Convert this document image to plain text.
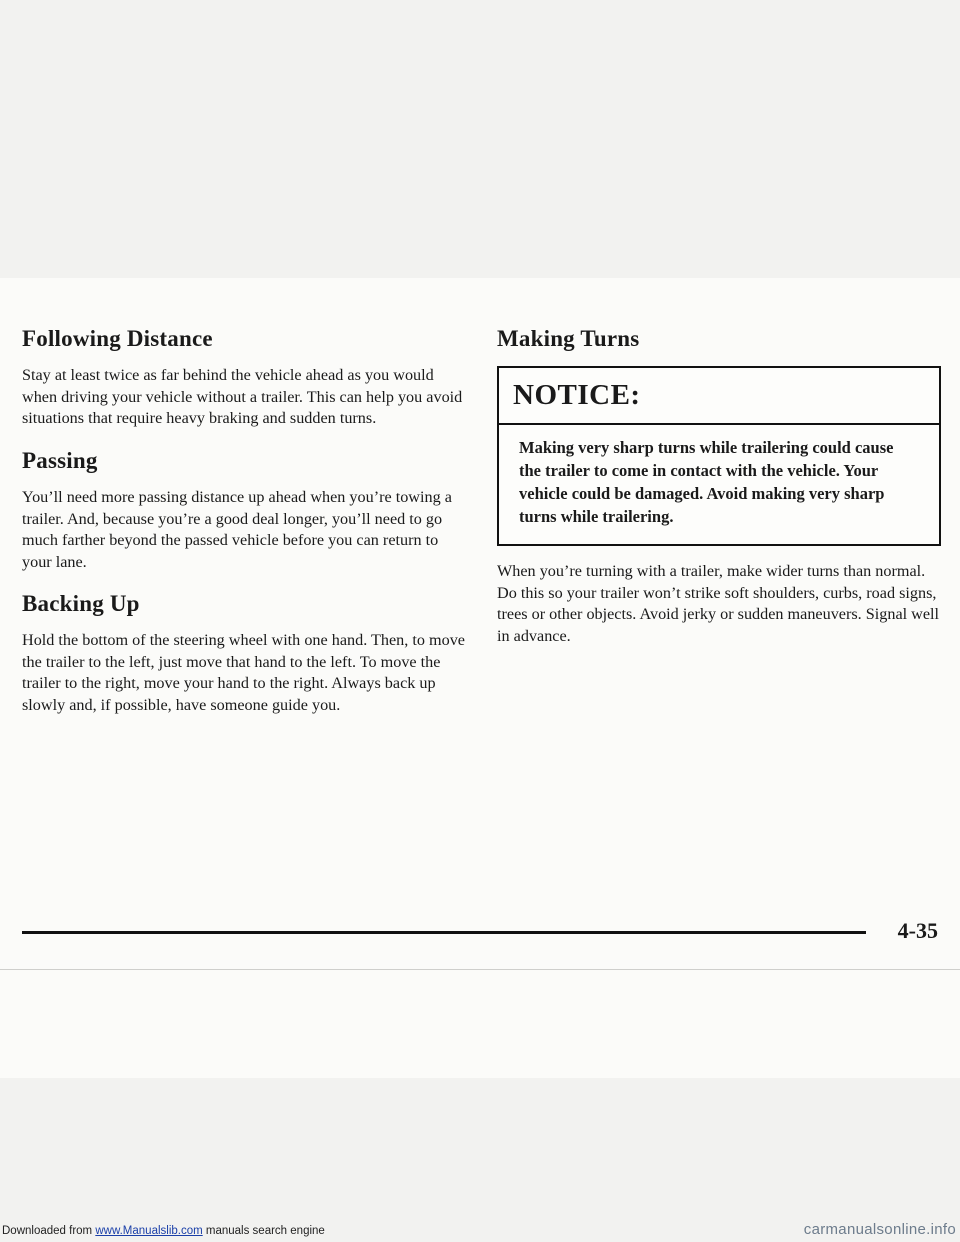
Following Distance

Stay at least twice as far behind the vehicle ahead as you would when driving your vehicle without a trailer. This can help you avoid situations that require heavy braking and sudden turns.

Passing

You’ll need more passing distance up ahead when you’re towing a trailer. And, because you’re a good deal longer, you’ll need to go much farther beyond the passed vehicle before you can return to your lane.

Backing Up

Hold the bottom of the steering wheel with one hand. Then, to move the trailer to the left, just move that hand to the left. To move the trailer to the right, move your hand to the right. Always back up slowly and, if possible, have someone guide you.

Making Turns
NOTICE:
Making very sharp turns while trailering could cause the trailer to come in contact with the vehicle. Your vehicle could be damaged. Avoid making very sharp turns while trailering.

When you’re turning with a trailer, make wider turns than normal. Do this so your trailer won’t strike soft shoulders, curbs, road signs, trees or other objects. Avoid jerky or sudden maneuvers. Signal well in advance.

4-35
Downloaded from www.Manualslib.com manuals search engine	carmanualsonline.info
